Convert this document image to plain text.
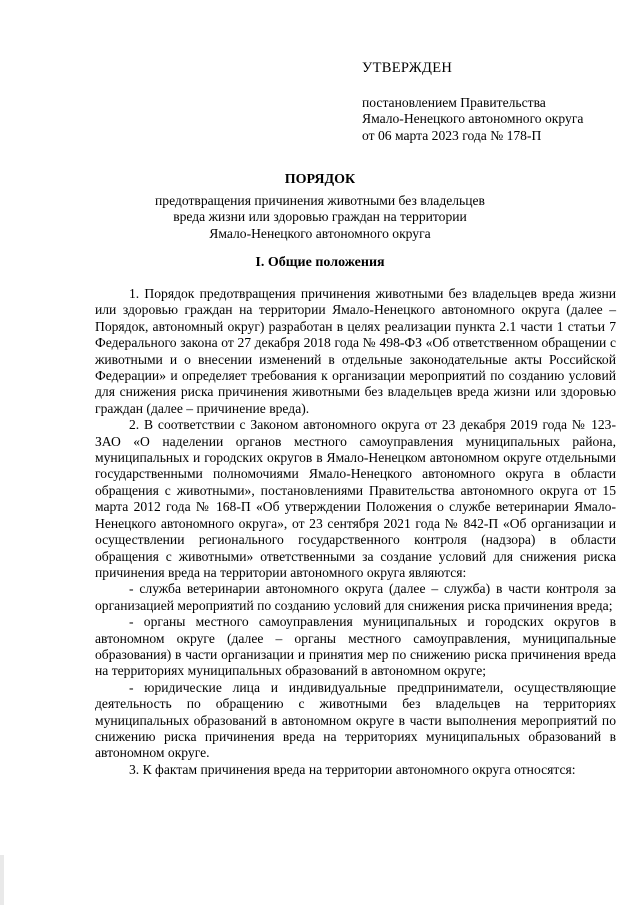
УТВЕРЖДЕН
постановлением Правительства
Ямало-Ненецкого автономного округа
от 06 марта 2023 года № 178-П
ПОРЯДОК
предотвращения причинения животными без владельцев
вреда жизни или здоровью граждан на территории
Ямало-Ненецкого автономного округа
I. Общие положения

1. Порядок предотвращения причинения животными без владельцев вреда жизни или здоровью граждан на территории Ямало-Ненецкого автономного округа (далее – Порядок, автономный округ) разработан в целях реализации пункта 2.1 части 1 статьи 7 Федерального закона от 27 декабря 2018 года № 498-ФЗ «Об ответственном обращении с животными и о внесении изменений в отдельные законодательные акты Российской Федерации» и определяет требования к организации мероприятий по созданию условий для снижения риска причинения животными без владельцев вреда жизни или здоровью граждан (далее – причинение вреда).

2. В соответствии с Законом автономного округа от 23 декабря 2019 года № 123-ЗАО «О наделении органов местного самоуправления муниципальных района, муниципальных и городских округов в Ямало-Ненецком автономном округе отдельными государственными полномочиями Ямало-Ненецкого автономного округа в области обращения с животными», постановлениями Правительства автономного округа от 15 марта 2012 года № 168-П «Об утверждении Положения о службе ветеринарии Ямало-Ненецкого автономного округа», от 23 сентября 2021 года № 842-П «Об организации и осуществлении регионального государственного контроля (надзора) в области обращения с животными» ответственными за создание условий для снижения риска причинения вреда на территории автономного округа являются:

- служба ветеринарии автономного округа (далее – служба) в части контроля за организацией мероприятий по созданию условий для снижения риска причинения вреда;

- органы местного самоуправления муниципальных и городских округов в автономном округе (далее – органы местного самоуправления, муниципальные образования) в части организации и принятия мер по снижению риска причинения вреда на территориях муниципальных образований в автономном округе;

- юридические лица и индивидуальные предприниматели, осуществляющие деятельность по обращению с животными без владельцев на территориях муниципальных образований в автономном округе в части выполнения мероприятий по снижению риска причинения вреда на территориях муниципальных образований в автономном округе.

3. К фактам причинения вреда на территории автономного округа относятся:
